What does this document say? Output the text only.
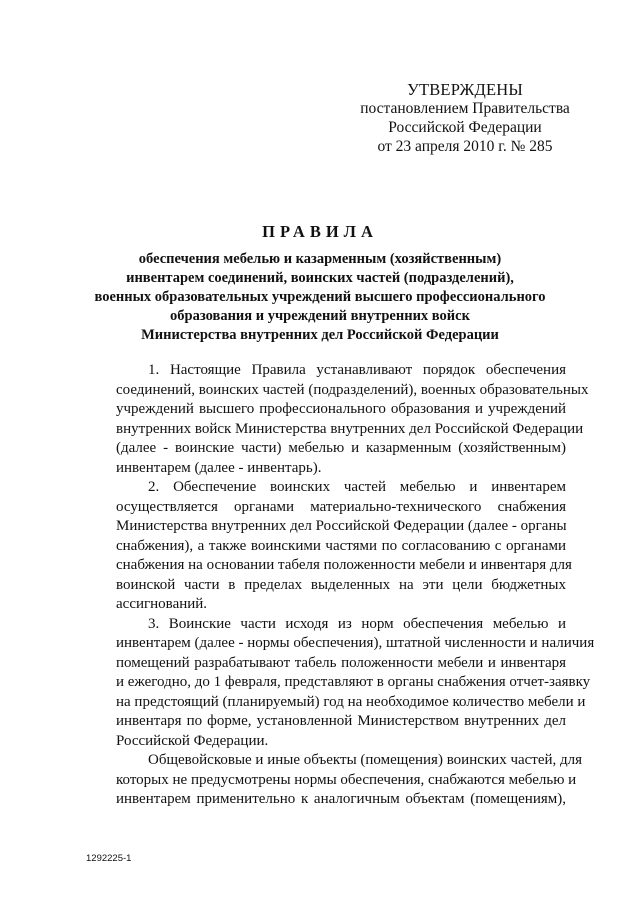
УТВЕРЖДЕНЫ
постановлением Правительства
Российской Федерации
от 23 апреля 2010 г. № 285
ПРАВИЛА
обеспечения мебелью и казарменным (хозяйственным)
инвентарем соединений, воинских частей (подразделений),
военных образовательных учреждений высшего профессионального
образования и учреждений внутренних войск
Министерства внутренних дел Российской Федерации
1. Настоящие Правила устанавливают порядок обеспечения
соединений, воинских частей (подразделений), военных образовательных
учреждений высшего профессионального образования и учреждений
внутренних войск Министерства внутренних дел Российской Федерации
(далее - воинские части) мебелью и казарменным (хозяйственным)
инвентарем (далее - инвентарь).
2. Обеспечение воинских частей мебелью и инвентарем
осуществляется органами материально-технического снабжения
Министерства внутренних дел Российской Федерации (далее - органы
снабжения), а также воинскими частями по согласованию с органами
снабжения на основании табеля положенности мебели и инвентаря для
воинской части в пределах выделенных на эти цели бюджетных
ассигнований.
3. Воинские части исходя из норм обеспечения мебелью и
инвентарем (далее - нормы обеспечения), штатной численности и наличия
помещений разрабатывают табель положенности мебели и инвентаря
и ежегодно, до 1 февраля, представляют в органы снабжения отчет-заявку
на предстоящий (планируемый) год на необходимое количество мебели и
инвентаря по форме, установленной Министерством внутренних дел
Российской Федерации.
Общевойсковые и иные объекты (помещения) воинских частей, для
которых не предусмотрены нормы обеспечения, снабжаются мебелью и
инвентарем применительно к аналогичным объектам (помещениям),
1292225-1
